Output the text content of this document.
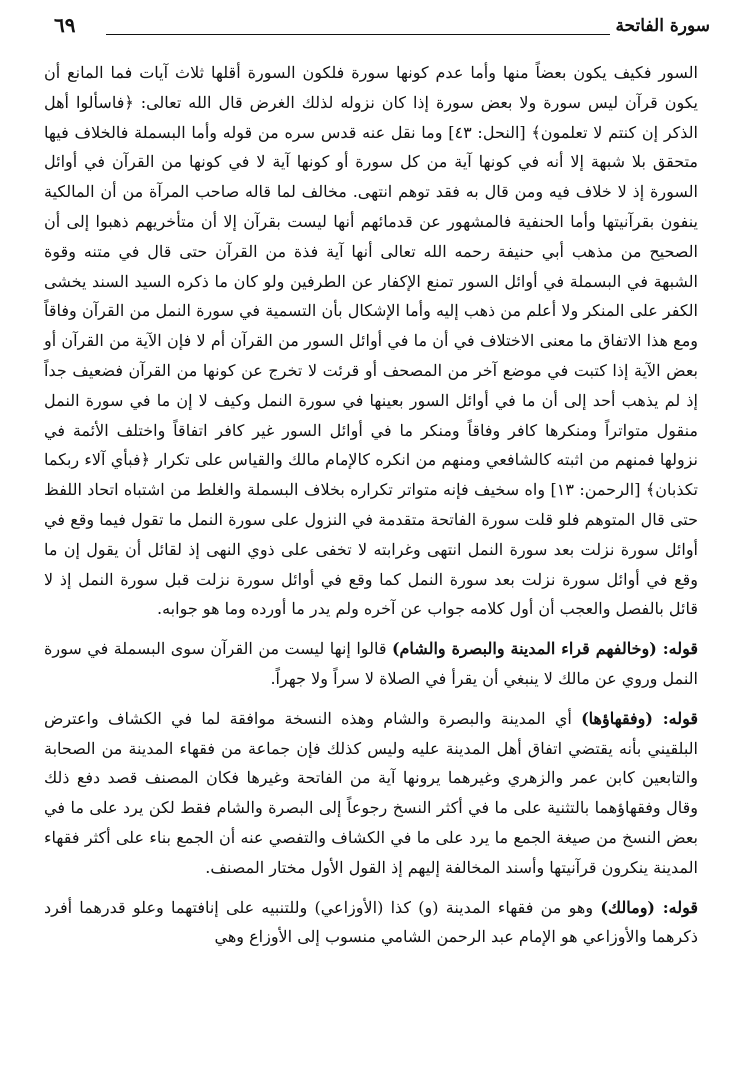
سورة الفاتحة
٦٩

السور فكيف يكون بعضاً منها وأما عدم كونها سورة فلكون السورة أقلها ثلاث آيات فما المانع أن يكون قرآن ليس سورة ولا بعض سورة إذا كان نزوله لذلك الغرض قال الله تعالى: ﴿فاسألوا أهل الذكر إن كنتم لا تعلمون﴾ [النحل: ٤٣] وما نقل عنه قدس سره من قوله وأما البسملة فالخلاف فيها متحقق بلا شبهة إلا أنه في كونها آية من كل سورة أو كونها آية لا في كونها من القرآن في أوائل السورة إذ لا خلاف فيه ومن قال به فقد توهم انتهى. مخالف لما قاله صاحب المرآة من أن المالكية ينفون بقرآنيتها وأما الحنفية فالمشهور عن قدمائهم أنها ليست بقرآن إلا أن متأخريهم ذهبوا إلى أن الصحيح من مذهب أبي حنيفة رحمه الله تعالى أنها آية فذة من القرآن حتى قال في متنه وقوة الشبهة في البسملة في أوائل السور تمنع الإكفار عن الطرفين ولو كان ما ذكره السيد السند يخشى الكفر على المنكر ولا أعلم من ذهب إليه وأما الإشكال بأن التسمية في سورة النمل من القرآن وفاقاً ومع هذا الاتفاق ما معنى الاختلاف في أن ما في أوائل السور من القرآن أم لا فإن الآية من القرآن أو بعض الآية إذا كتبت في موضع آخر من المصحف أو قرئت لا تخرج عن كونها من القرآن فضعيف جداً إذ لم يذهب أحد إلى أن ما في أوائل السور بعينها في سورة النمل وكيف لا إن ما في سورة النمل منقول متواتراً ومنكرها كافر وفاقاً ومنكر ما في أوائل السور غير كافر اتفاقاً واختلف الأئمة في نزولها فمنهم من اثبته كالشافعي ومنهم من انكره كالإمام مالك والقياس على تكرار ﴿فبأي آلاء ربكما تكذبان﴾ [الرحمن: ١٣] واه سخيف فإنه متواتر تكراره بخلاف البسملة والغلط من اشتباه اتحاد اللفظ حتى قال المتوهم فلو قلت سورة الفاتحة متقدمة في النزول على سورة النمل ما تقول فيما وقع في أوائل سورة نزلت بعد سورة النمل انتهى وغرابته لا تخفى على ذوي النهى إذ لقائل أن يقول إن ما وقع في أوائل سورة نزلت بعد سورة النمل كما وقع في أوائل سورة نزلت قبل سورة النمل إذ لا قائل بالفصل والعجب أن أول كلامه جواب عن آخره ولم يدر ما أورده وما هو جوابه.

قوله: (وخالفهم قراء المدينة والبصرة والشام) قالوا إنها ليست من القرآن سوى البسملة في سورة النمل وروي عن مالك لا ينبغي أن يقرأ في الصلاة لا سراً ولا جهراً.

قوله: (وفقهاؤها) أي المدينة والبصرة والشام وهذه النسخة موافقة لما في الكشاف واعترض البلقيني بأنه يقتضي اتفاق أهل المدينة عليه وليس كذلك فإن جماعة من فقهاء المدينة من الصحابة والتابعين كابن عمر والزهري وغيرهما يرونها آية من الفاتحة وغيرها فكان المصنف قصد دفع ذلك وقال وفقهاؤهما بالتثنية على ما في أكثر النسخ رجوعاً إلى البصرة والشام فقط لكن يرد على ما في بعض النسخ من صيغة الجمع ما يرد على ما في الكشاف والتفصي عنه أن الجمع بناء على أكثر فقهاء المدينة ينكرون قرآنيتها وأسند المخالفة إليهم إذ القول الأول مختار المصنف.

قوله: (ومالك) وهو من فقهاء المدينة (و) كذا (الأوزاعي) وللتنبيه على إنافتهما وعلو قدرهما أفرد ذكرهما والأوزاعي هو الإمام عبد الرحمن الشامي منسوب إلى الأوزاع وهي
